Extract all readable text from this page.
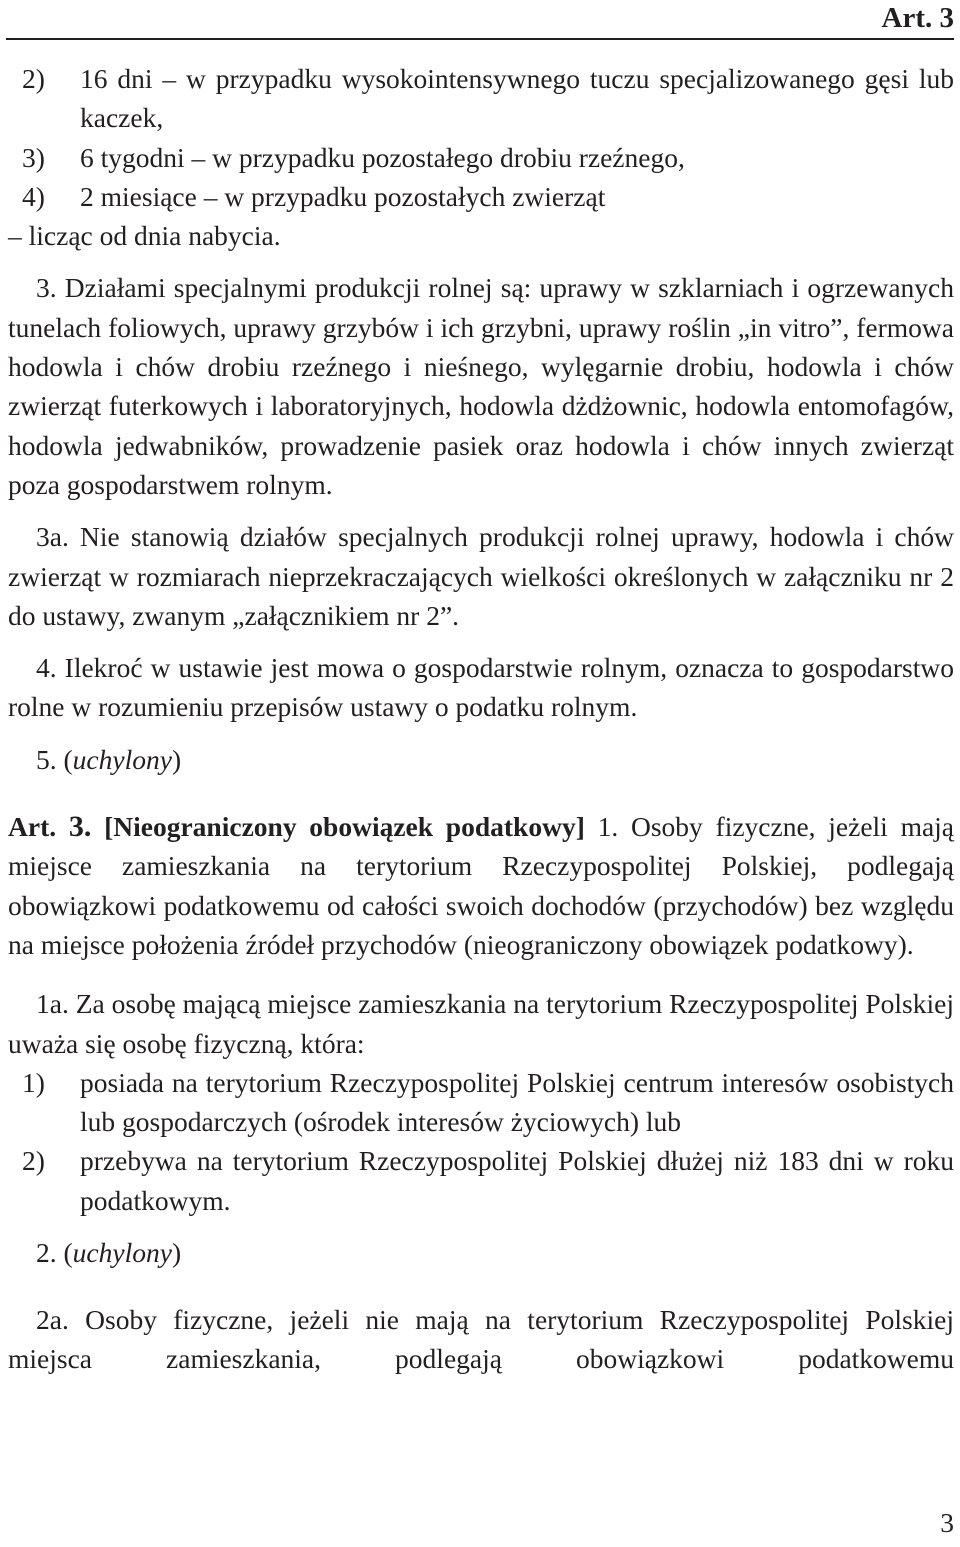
Art. 3
2) 16 dni – w przypadku wysokointensywnego tuczu specjalizowanego gęsi lub kaczek,
3) 6 tygodni – w przypadku pozostałego drobiu rzeźnego,
4) 2 miesiące – w przypadku pozostałych zwierząt

– licząc od dnia nabycia.

3. Działami specjalnymi produkcji rolnej są: uprawy w szklarniach i ogrzewanych tunelach foliowych, uprawy grzybów i ich grzybni, uprawy roślin „in vitro”, fermowa hodowla i chów drobiu rzeźnego i nieśnego, wylęgarnie drobiu, hodowla i chów zwierząt futerkowych i laboratoryjnych, hodowla dżdżownic, hodowla entomofagów, hodowla jedwabników, prowadzenie pasiek oraz hodowla i chów innych zwierząt poza gospodarstwem rolnym.

3a. Nie stanowią działów specjalnych produkcji rolnej uprawy, hodowla i chów zwierząt w rozmiarach nieprzekraczających wielkości określonych w załączniku nr 2 do ustawy, zwanym „załącznikiem nr 2”.

4. Ilekroć w ustawie jest mowa o gospodarstwie rolnym, oznacza to gospodarstwo rolne w rozumieniu przepisów ustawy o podatku rolnym.

5. (uchylony)

Art. 3. [Nieograniczony obowiązek podatkowy] 1. Osoby fizyczne, jeżeli mają miejsce zamieszkania na terytorium Rzeczypospolitej Polskiej, podlegają obowiązkowi podatkowemu od całości swoich dochodów (przychodów) bez względu na miejsce położenia źródeł przychodów (nieograniczony obowiązek podatkowy).

1a. Za osobę mającą miejsce zamieszkania na terytorium Rzeczypospolitej Polskiej uważa się osobę fizyczną, która:

1) posiada na terytorium Rzeczypospolitej Polskiej centrum interesów osobistych lub gospodarczych (ośrodek interesów życiowych) lub
2) przebywa na terytorium Rzeczypospolitej Polskiej dłużej niż 183 dni w roku podatkowym.

2. (uchylony)

2a. Osoby fizyczne, jeżeli nie mają na terytorium Rzeczypospolitej Polskiej miejsca zamieszkania, podlegają obowiązkowi podatkowemu

3
